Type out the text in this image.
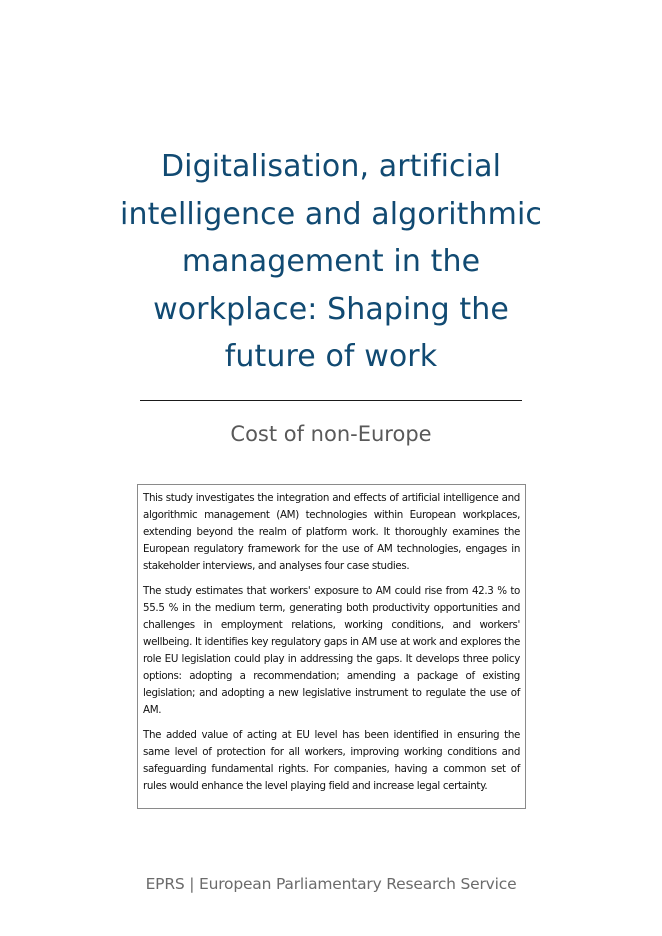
Digitalisation, artificial intelligence and algorithmic management in the workplace: Shaping the future of work
Cost of non-Europe

This study investigates the integration and effects of artificial intelligence and algorithmic management (AM) technologies within European workplaces, extending beyond the realm of platform work. It thoroughly examines the European regulatory framework for the use of AM technologies, engages in stakeholder interviews, and analyses four case studies.

The study estimates that workers' exposure to AM could rise from 42.3 % to 55.5 % in the medium term, generating both productivity opportunities and challenges in employment relations, working conditions, and workers' wellbeing. It identifies key regulatory gaps in AM use at work and explores the role EU legislation could play in addressing the gaps. It develops three policy options: adopting a recommendation; amending a package of existing legislation; and adopting a new legislative instrument to regulate the use of AM.

The added value of acting at EU level has been identified in ensuring the same level of protection for all workers, improving working conditions and safeguarding fundamental rights. For companies, having a common set of rules would enhance the level playing field and increase legal certainty.

EPRS | European Parliamentary Research Service
